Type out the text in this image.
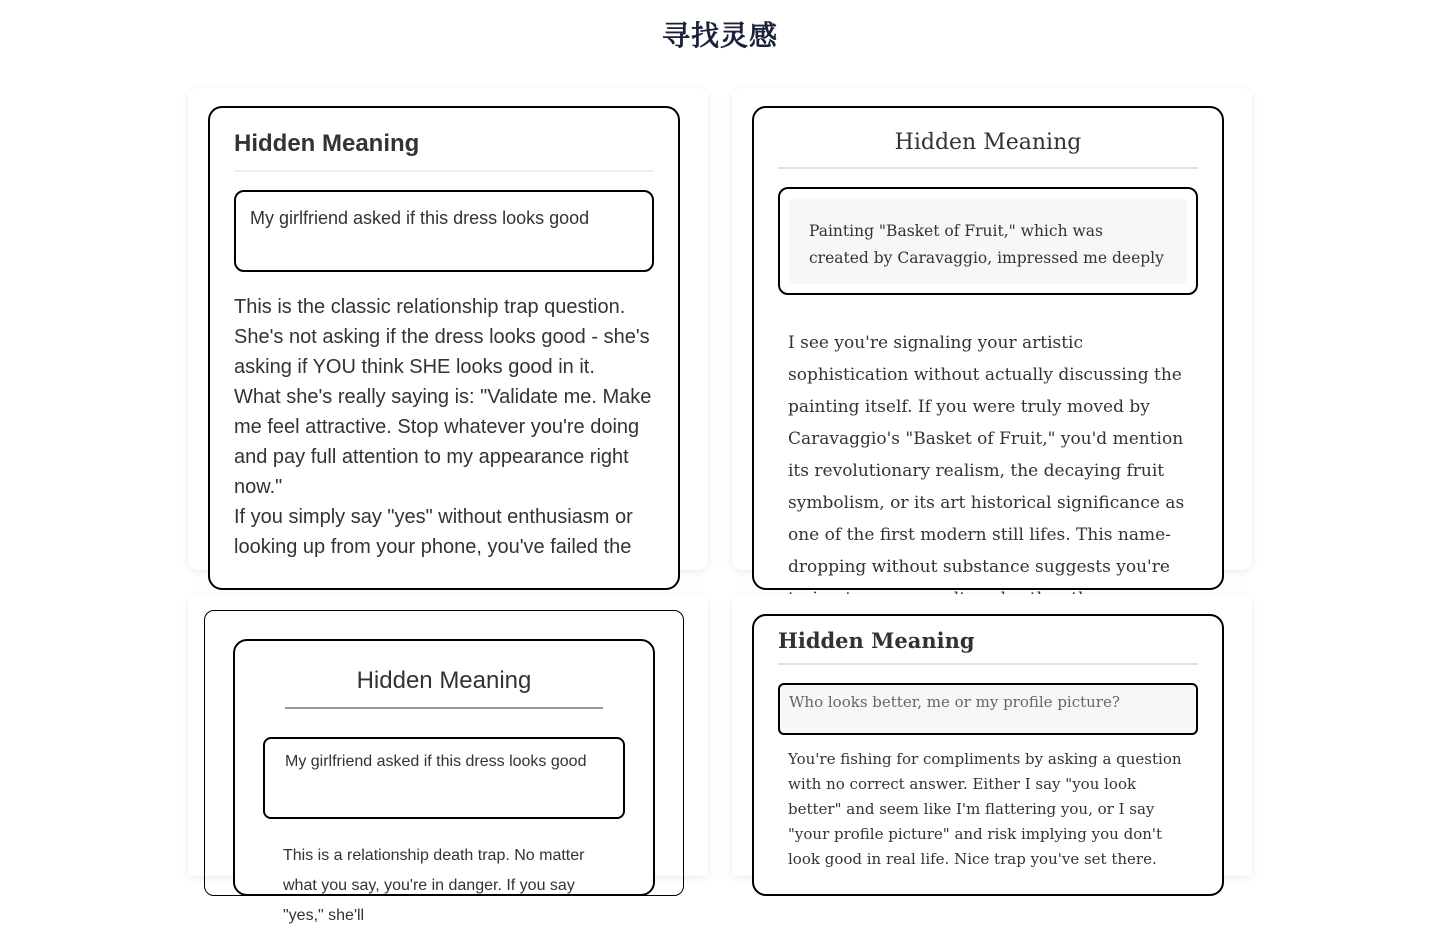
寻找灵感
Hidden Meaning
My girlfriend asked if this dress looks good
This is the classic relationship trap question. She's not asking if the dress looks good - she's asking if YOU think SHE looks good in it.
What she's really saying is: "Validate me. Make me feel attractive. Stop whatever you're doing and pay full attention to my appearance right now."
If you simply say "yes" without enthusiasm or looking up from your phone, you've failed the
Hidden Meaning
Painting "Basket of Fruit," which was created by Caravaggio, impressed me deeply
I see you're signaling your artistic sophistication without actually discussing the painting itself. If you were truly moved by Caravaggio's "Basket of Fruit," you'd mention its revolutionary realism, the decaying fruit symbolism, or its art historical significance as one of the first modern still lifes. This name-dropping without substance suggests you're
Hidden Meaning
My girlfriend asked if this dress looks good
This is a relationship death trap. No matter what you say, you're in danger. If you say "yes," she'll
Hidden Meaning
Who looks better, me or my profile picture?
You're fishing for compliments by asking a question with no correct answer. Either I say "you look better" and seem like I'm flattering you, or I say "your profile picture" and risk implying you don't look good in real life. Nice trap you've set there.
